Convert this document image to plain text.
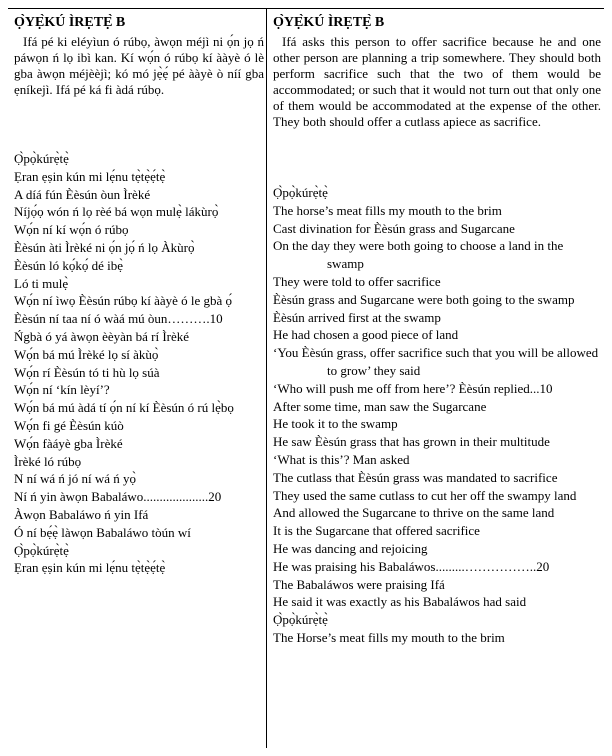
Ọ̀YẸ̀KÚ ÌRẸTẸ̀ B

Ifá pé ki eléyìun ó rúbọ, àwọn méjì ni ọ́n jọ ń páwọn ń lọ ibì kan. Kí wọ́n ó rúbọ kí ààyè ó lè gba àwọn méjèèjì; kó mó jẹ̀ẹ́ pé ààyè ò níí gba ẹníkejì. Ifá pé ká fi àdá rúbọ.

Ọ̀pọ̀kúrẹ̀tẹ̀
Ẹran ẹṣin kún mi lẹ́nu tẹ̀tẹ̀ẹ́tẹ̀
A díá fún Èèsún òun Ìrèké
Níjọ́ọ wón ń lọ rèé bá wọn mulẹ̀ lákùrọ̀
Wọ́n ní kí wọ́n ó rúbọ
Èèsún àti Ìrèké ni ọ́n jọ́ ń lọ Àkùrọ̀
Èèsún ló kọ́kọ́ dé ibẹ̀
Ló ti mulẹ̀
Wọ́n ní ìwọ Èèsún rúbọ kí ààyè ó le gbà ọ́
Èèsún ní taa ní ó wàá mú òun……….10
Ńgbà ó yá àwọn èèyàn bá rí Ìrèké
Wọ́n bá mú Ìrèké lọ sí àkùọ̀
Wọ́n rí Èèsún tó ti hù lọ súà
Wọ́n ní ‘kín lèyí’?
Wọ́n bá mú àdá tí ọ́n ní kí Èèsún ó rú lẹ̀bọ
Wọ́n fi gé Èèsún kúò
Wọ́n fàáyè gba Ìrèké
Ìrèké ló rúbọ
N ní wá ń jó ní wá ń yọ̀
Ní ń yin àwọn Babaláwo....................20
Àwọn Babaláwo ń yin Ifá
Ó ní bẹ́ẹ̀ làwọn Babaláwo tòún wí
Ọ̀pọ̀kúrẹ̀tẹ̀
Ẹran ẹṣin kún mi lẹ́nu tẹ̀tẹ̀ẹ́tẹ̀
Ọ̀YẸ̀KÚ ÌRẸTẸ̀ B

Ifá asks this person to offer sacrifice because he and one other person are planning a trip somewhere. They should both perform sacrifice such that the two of them would be accommodated; or such that it would not turn out that only one of them would be accommodated at the expense of the other. They both should offer a cutlass apiece as sacrifice.

Ọ̀pọ̀kúrẹ̀tẹ̀
The horse’s meat fills my mouth to the brim
Cast divination for Èèsún grass and Sugarcane
On the day they were both going to choose a land in the swamp
They were told to offer sacrifice
Èèsún grass and Sugarcane were both going to the swamp
Èèsún arrived first at the swamp
He had chosen a good piece of land
‘You Èèsún grass, offer sacrifice such that you will be allowed to grow’ they said
‘Who will push me off from here’? Èèsún replied...10
After some time, man saw the Sugarcane
He took it to the swamp
He saw Èèsún grass that has grown in their multitude
‘What is this’? Man asked
The cutlass that Èèsún grass was mandated to sacrifice
They used the same cutlass to cut her off the swampy land
And allowed the Sugarcane to thrive on the same land
It is the Sugarcane that offered sacrifice
He was dancing and rejoicing
He was praising his Babaláwos.........……………..20
The Babaláwos were praising Ifá
He said it was exactly as his Babaláwos had said
Ọ̀pọ̀kúrẹ̀tẹ̀
The Horse’s meat fills my mouth to the brim
